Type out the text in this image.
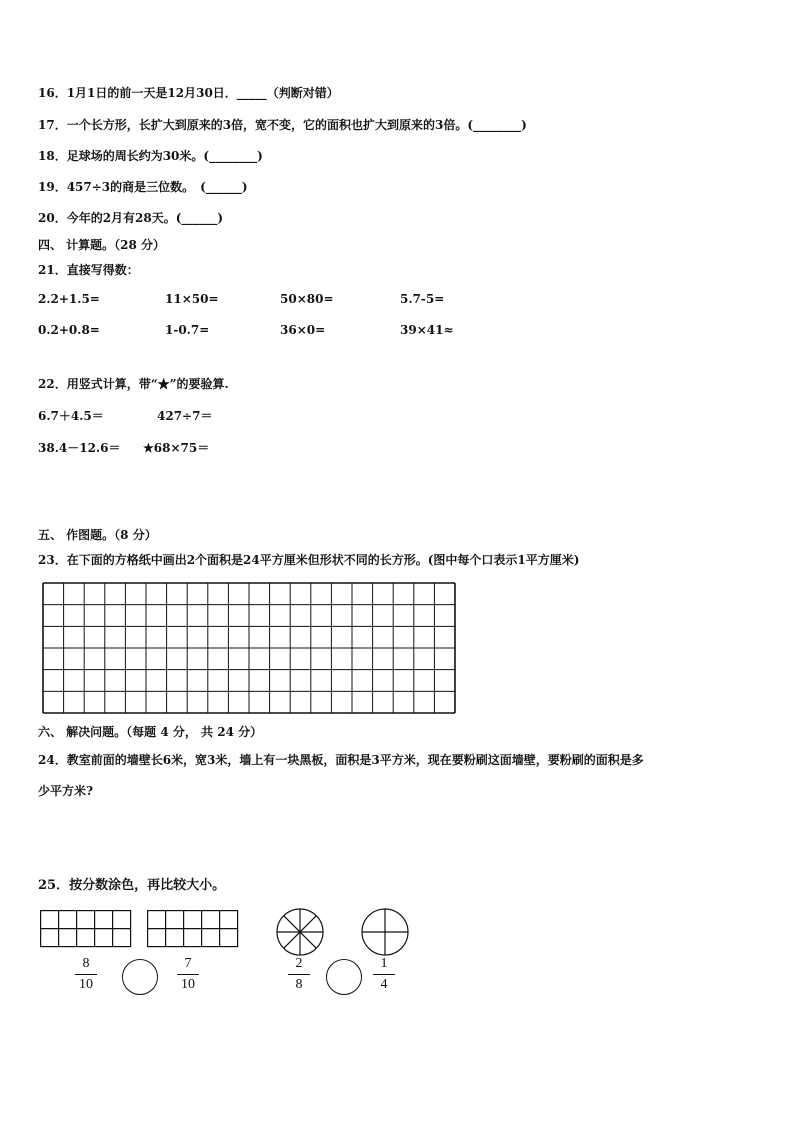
16．1月1日的前一天是12月30日．_____（判断对错）
17．一个长方形，长扩大到原来的3倍，宽不变，它的面积也扩大到原来的3倍。(________)
18．足球场的周长约为30米。(________)
19．457÷3的商是三位数。　(______)
20．今年的2月有28天。(______)
四、 计算题。（28 分）
21．直接写得数：
2.2+1.5=	11×50=	50×80=	5.7-5=
0.2+0.8=	1-0.7=	36×0=	39×41≈
22．用竖式计算，带“★”的要验算.
6.7＋4.5＝	427÷7＝
38.4－12.6＝ ★68×75＝
五、 作图题。（8 分）
23．在下面的方格纸中画出2个面积是24平方厘米但形状不同的长方形。(图中每个口表示1平方厘米)
六、 解决问题。（每题 4 分， 共 24 分）
24．教室前面的墙壁长6米，宽3米，墙上有一块黑板，面积是3平方米，现在要粉刷这面墙壁，要粉刷的面积是多
少平方米?
25．按分数涂色，再比较大小。
8
10
7
10
2
8
1
4
